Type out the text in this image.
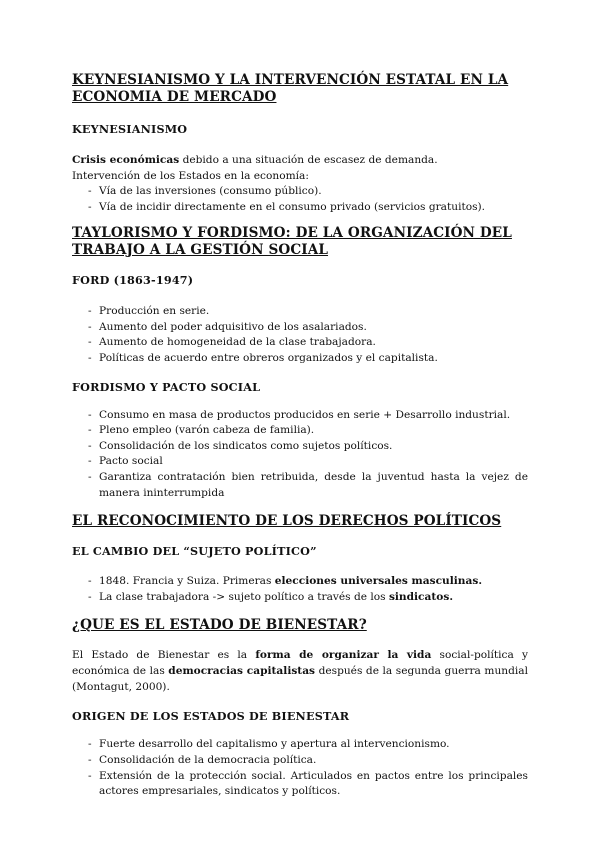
KEYNESIANISMO Y LA INTERVENCIÓN ESTATAL EN LA ECONOMIA DE MERCADO
KEYNESIANISMO

Crisis económicas debido a una situación de escasez de demanda.

Intervención de los Estados en la economía:

- Vía de las inversiones (consumo público).
- Vía de incidir directamente en el consumo privado (servicios gratuitos).
TAYLORISMO Y FORDISMO: DE LA ORGANIZACIÓN DEL TRABAJO A LA GESTIÓN SOCIAL
FORD (1863-1947)
- Producción en serie.
- Aumento del poder adquisitivo de los asalariados.
- Aumento de homogeneidad de la clase trabajadora.
- Políticas de acuerdo entre obreros organizados y el capitalista.
FORDISMO Y PACTO SOCIAL
- Consumo en masa de productos producidos en serie + Desarrollo industrial.
- Pleno empleo (varón cabeza de familia).
- Consolidación de los sindicatos como sujetos políticos.
- Pacto social
- Garantiza contratación bien retribuida, desde la juventud hasta la vejez de manera ininterrumpida
EL RECONOCIMIENTO DE LOS DERECHOS POLÍTICOS
EL CAMBIO DEL “SUJETO POLÍTICO”
- 1848. Francia y Suiza. Primeras elecciones universales masculinas.
- La clase trabajadora -> sujeto político a través de los sindicatos.
¿QUE ES EL ESTADO DE BIENESTAR?

El Estado de Bienestar es la forma de organizar la vida social-política y económica de las democracias capitalistas después de la segunda guerra mundial (Montagut, 2000).

ORIGEN DE LOS ESTADOS DE BIENESTAR
- Fuerte desarrollo del capitalismo y apertura al intervencionismo.
- Consolidación de la democracia política.
- Extensión de la protección social. Articulados en pactos entre los principales actores empresariales, sindicatos y políticos.
